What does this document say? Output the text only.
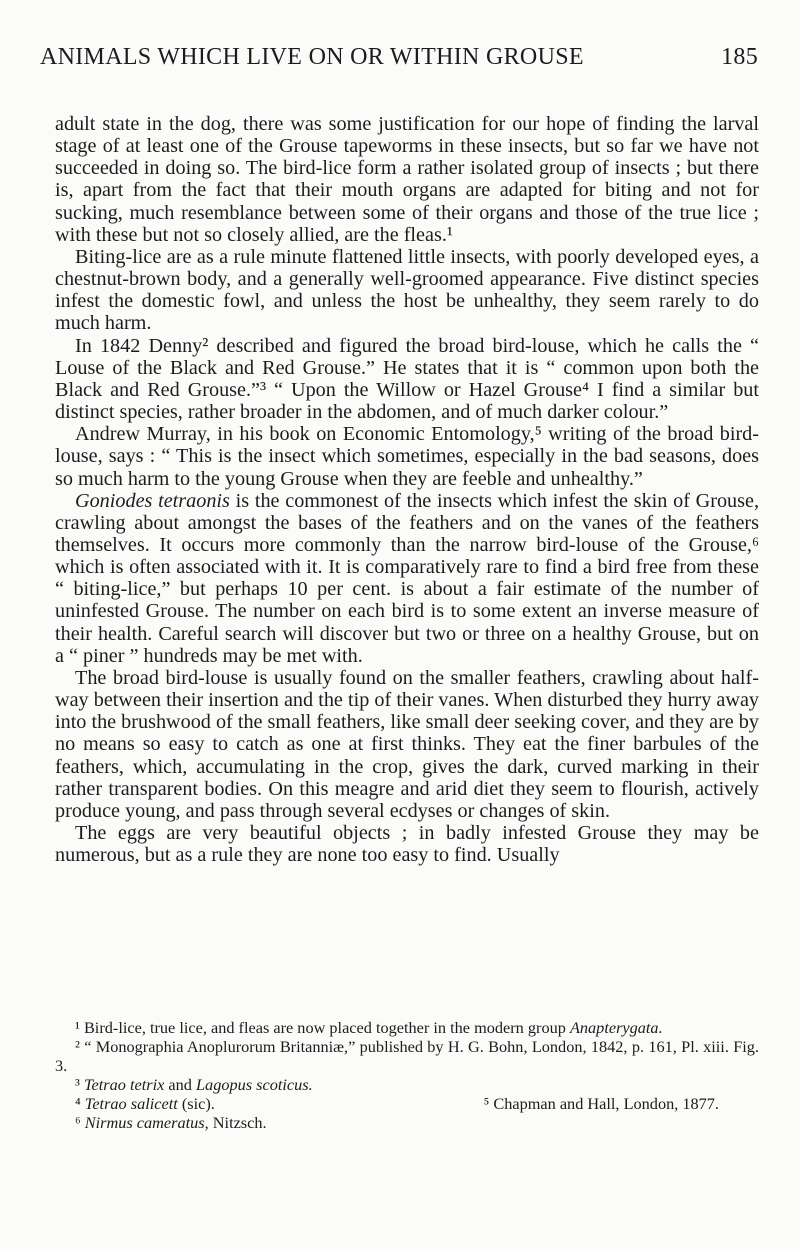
ANIMALS WHICH LIVE ON OR WITHIN GROUSE	185

adult state in the dog, there was some justification for our hope of finding the larval stage of at least one of the Grouse tapeworms in these insects, but so far we have not succeeded in doing so. The bird-lice form a rather isolated group of insects ; but there is, apart from the fact that their mouth organs are adapted for biting and not for sucking, much resemblance between some of their organs and those of the true lice ; with these but not so closely allied, are the fleas.¹

Biting-lice are as a rule minute flattened little insects, with poorly developed eyes, a chestnut-brown body, and a generally well-groomed appearance. Five distinct species infest the domestic fowl, and unless the host be unhealthy, they seem rarely to do much harm.

In 1842 Denny² described and figured the broad bird-louse, which he calls the “ Louse of the Black and Red Grouse.” He states that it is “ common upon both the Black and Red Grouse.”³ “ Upon the Willow or Hazel Grouse⁴ I find a similar but distinct species, rather broader in the abdomen, and of much darker colour.”

Andrew Murray, in his book on Economic Entomology,⁵ writing of the broad bird-louse, says : “ This is the insect which sometimes, especially in the bad seasons, does so much harm to the young Grouse when they are feeble and unhealthy.”

Goniodes tetraonis is the commonest of the insects which infest the skin of Grouse, crawling about amongst the bases of the feathers and on the vanes of the feathers themselves. It occurs more commonly than the narrow bird-louse of the Grouse,⁶ which is often associated with it. It is comparatively rare to find a bird free from these “ biting-lice,” but perhaps 10 per cent. is about a fair estimate of the number of uninfested Grouse. The number on each bird is to some extent an inverse measure of their health. Careful search will discover but two or three on a healthy Grouse, but on a “ piner ” hundreds may be met with.

The broad bird-louse is usually found on the smaller feathers, crawling about half-way between their insertion and the tip of their vanes. When disturbed they hurry away into the brushwood of the small feathers, like small deer seeking cover, and they are by no means so easy to catch as one at first thinks. They eat the finer barbules of the feathers, which, accumulating in the crop, gives the dark, curved marking in their rather transparent bodies. On this meagre and arid diet they seem to flourish, actively produce young, and pass through several ecdyses or changes of skin.

The eggs are very beautiful objects ; in badly infested Grouse they may be numerous, but as a rule they are none too easy to find. Usually

¹ Bird-lice, true lice, and fleas are now placed together in the modern group Anapterygata.

² “ Monographia Anoplurorum Britanniæ,” published by H. G. Bohn, London, 1842, p. 161, Pl. xiii. Fig. 3.

³ Tetrao tetrix and Lagopus scoticus.

⁴ Tetrao salicett (sic).	⁵ Chapman and Hall, London, 1877.

⁶ Nirmus cameratus, Nitzsch.
